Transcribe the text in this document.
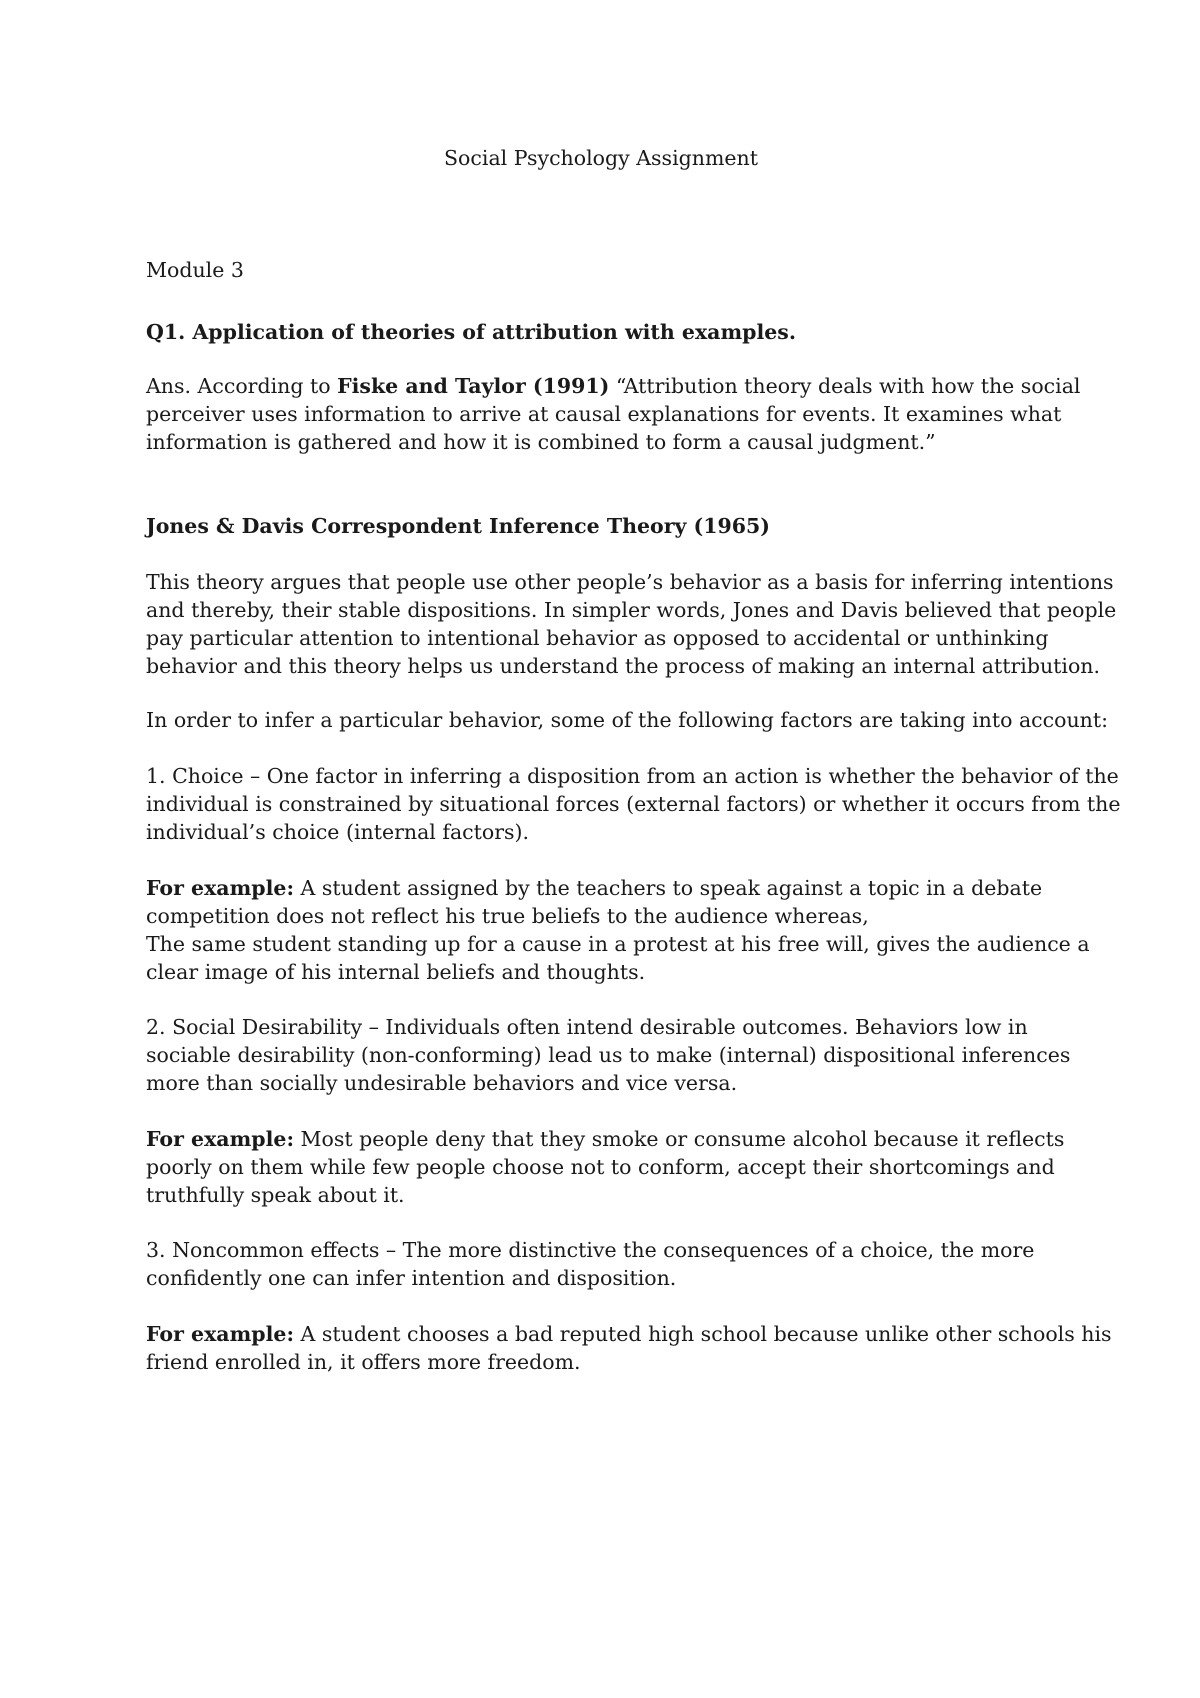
Social Psychology Assignment
Module 3
Q1. Application of theories of attribution with examples.
Ans. According to Fiske and Taylor (1991) “Attribution theory deals with how the social
perceiver uses information to arrive at causal explanations for events. It examines what
information is gathered and how it is combined to form a causal judgment.”
Jones & Davis Correspondent Inference Theory (1965)
This theory argues that people use other people’s behavior as a basis for inferring intentions
and thereby, their stable dispositions. In simpler words, Jones and Davis believed that people
pay particular attention to intentional behavior as opposed to accidental or unthinking
behavior and this theory helps us understand the process of making an internal attribution.
In order to infer a particular behavior, some of the following factors are taking into account:
1. Choice – One factor in inferring a disposition from an action is whether the behavior of the
individual is constrained by situational forces (external factors) or whether it occurs from the
individual’s choice (internal factors).
For example: A student assigned by the teachers to speak against a topic in a debate
competition does not reflect his true beliefs to the audience whereas,
The same student standing up for a cause in a protest at his free will, gives the audience a
clear image of his internal beliefs and thoughts.
2. Social Desirability – Individuals often intend desirable outcomes. Behaviors low in
sociable desirability (non-conforming) lead us to make (internal) dispositional inferences
more than socially undesirable behaviors and vice versa.
For example: Most people deny that they smoke or consume alcohol because it reflects
poorly on them while few people choose not to conform, accept their shortcomings and
truthfully speak about it.
3. Noncommon effects – The more distinctive the consequences of a choice, the more
confidently one can infer intention and disposition.
For example: A student chooses a bad reputed high school because unlike other schools his
friend enrolled in, it offers more freedom.
